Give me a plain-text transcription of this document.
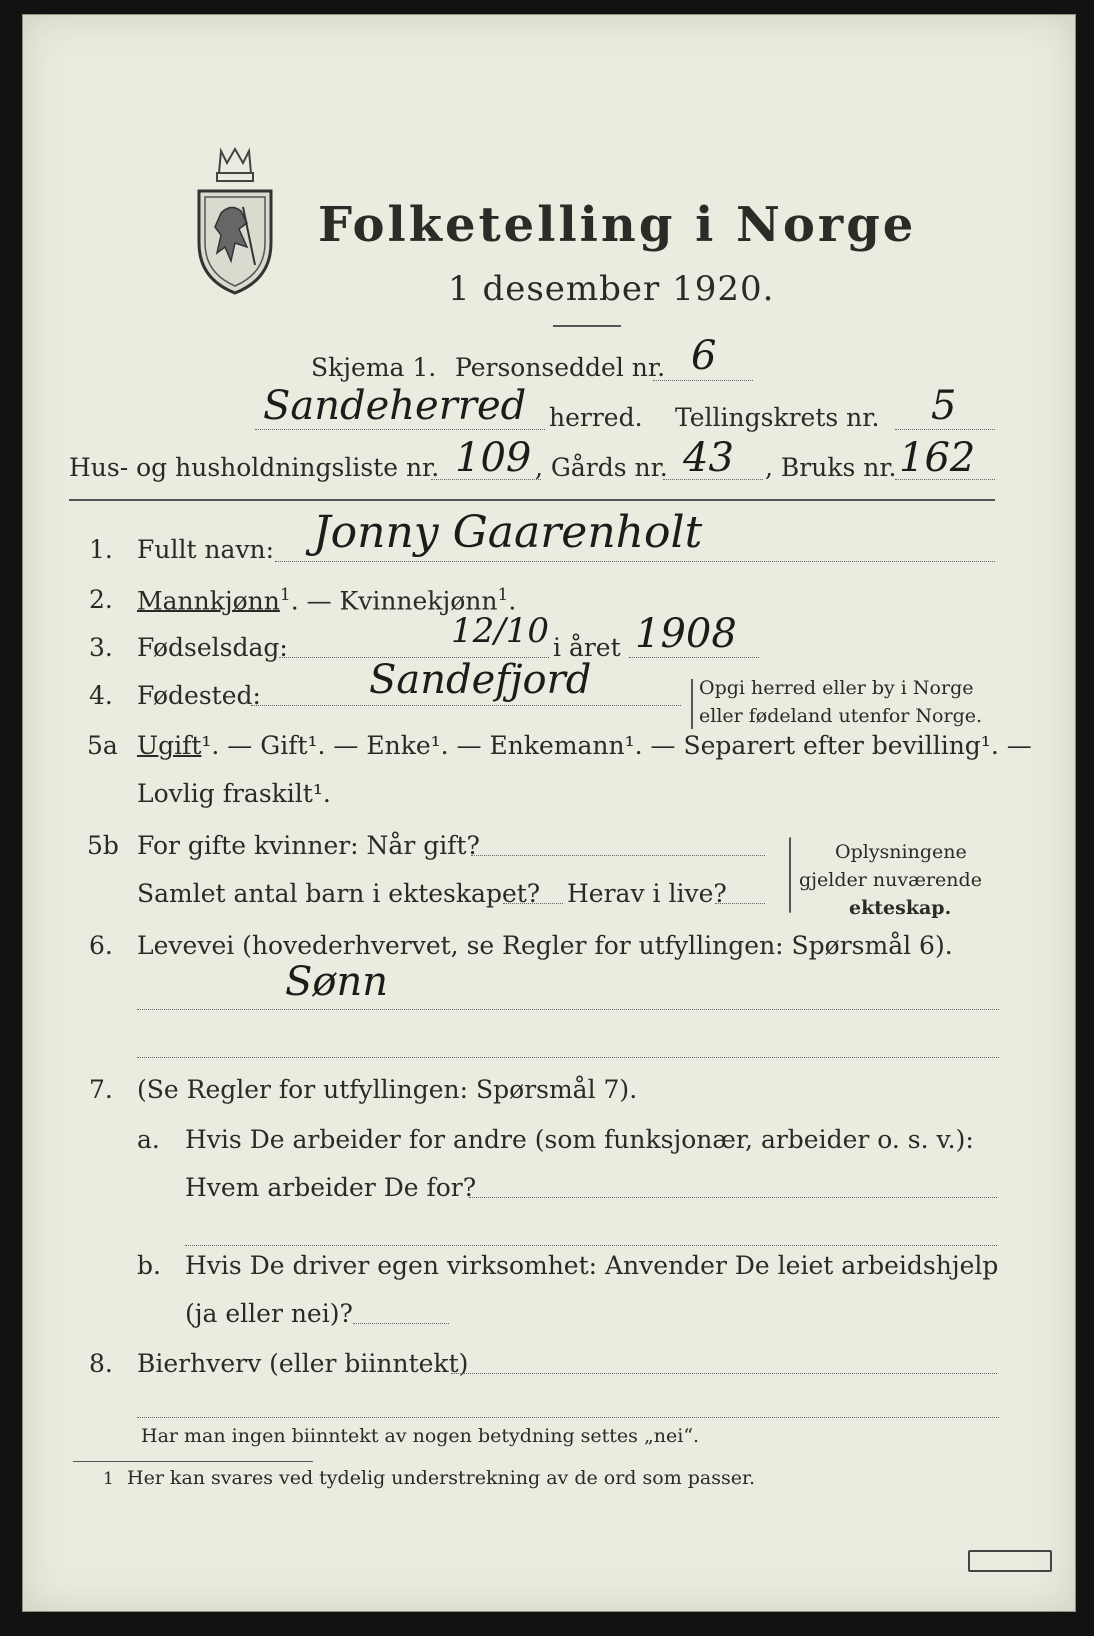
Folketelling i Norge
1 desember 1920.
Skjema 1. Personseddel nr. 6
Sandeherred herred. Tellingskrets nr. 5
Hus- og husholdningsliste nr. 109 , Gårds nr. 43 , Bruks nr. 162
1. Fullt navn: Jonny Gaarenholt
2. Mannkjønn$^1$. — Kvinnekjønn$^1$.
3. Fødselsdag:	12/10 i året 1908
4. Fødested:	Sandefjord	Opgi herred eller by i Norge
eller fødeland utenfor Norge.
5a Ugift¹. — Gift¹. — Enke¹. — Enkemann¹. — Separert efter bevilling¹. —
Lovlig fraskilt¹.
5b For gifte kvinner: Når gift?
Samlet antal barn i ekteskapet? Herav i live?
Oplysningene
gjelder nuværende
ekteskap.
6. Levevei (hovederhvervet, se Regler for utfyllingen: Spørsmål 6).
Sønn
7. (Se Regler for utfyllingen: Spørsmål 7).
a. Hvis De arbeider for andre (som funksjonær, arbeider o. s. v.):
Hvem arbeider De for?
b. Hvis De driver egen virksomhet: Anvender De leiet arbeidshjelp
(ja eller nei)?
8. Bierhverv (eller biinntekt)
Har man ingen biinntekt av nogen betydning settes „nei“.
1 Her kan svares ved tydelig understrekning av de ord som passer.
